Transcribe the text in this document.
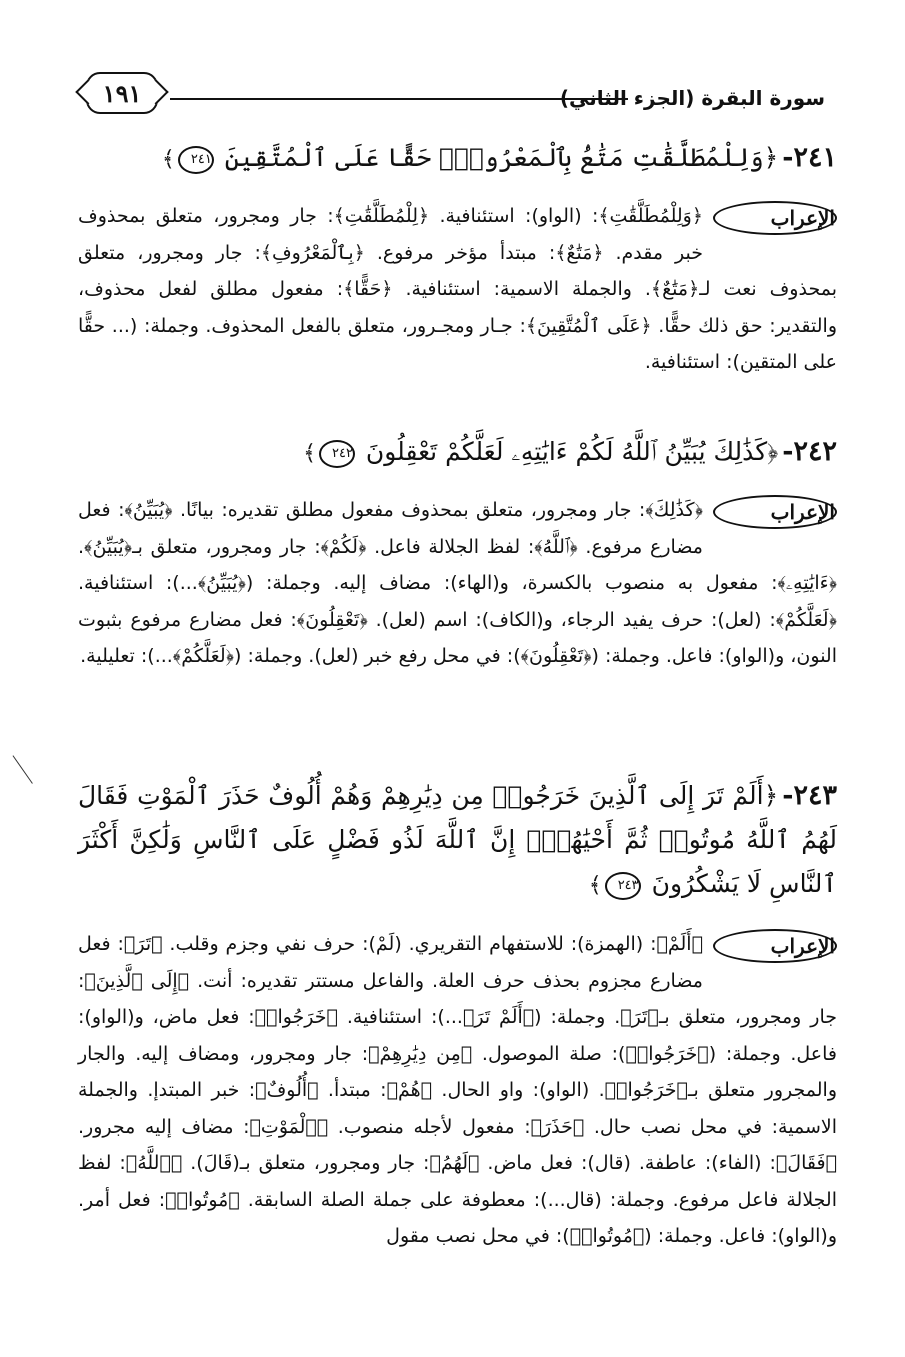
سورة البقرة (الجزء الثاني)
١٩١
٢٤١-﴿وَلِلْمُطَلَّقَٰتِ مَتَٰعُۢ بِٱلْمَعْرُوفِۖ حَقًّا عَلَى ٱلْمُتَّقِينَ ٢٤١﴾
الإعراب

﴿وَلِلْمُطَلَّقَٰتِ﴾: (الواو): استئنافية. ﴿لِلْمُطَلَّقَٰتِ﴾: جار ومجرور، متعلق بمحذوف خبر مقدم. ﴿مَتَٰعٌ﴾: مبتدأ مؤخر مرفوع. ﴿بِٱلْمَعْرُوفِ﴾: جار ومجرور، متعلق بمحذوف نعت لـ﴿مَتَٰعٌ﴾. والجملة الاسمية: استئنافية. ﴿حَقًّا﴾: مفعول مطلق لفعل محذوف، والتقدير: حق ذلك حقًّا. ﴿عَلَى ٱلْمُتَّقِينَ﴾: جـار ومجـرور، متعلق بالفعل المحذوف. وجملة: (... حقًّا على المتقين): استئنافية.

٢٤٢-﴿كَذَٰلِكَ يُبَيِّنُ ٱللَّهُ لَكُمْ ءَايَٰتِهِۦ لَعَلَّكُمْ تَعْقِلُونَ ٢٤٢﴾
الإعراب

﴿كَذَٰلِكَ﴾: جار ومجرور، متعلق بمحذوف مفعول مطلق تقديره: بيانًا. ﴿يُبَيِّنُ﴾: فعل مضارع مرفوع. ﴿ٱللَّهُ﴾: لفظ الجلالة فاعل. ﴿لَكُمْ﴾: جار ومجرور، متعلق بـ﴿يُبَيِّنُ﴾. ﴿ءَايَٰتِهِۦ﴾: مفعول به منصوب بالكسرة، و(الهاء): مضاف إليه. وجملة: (﴿يُبَيِّنُ﴾...): استئنافية. ﴿لَعَلَّكُمْ﴾: (لعل): حرف يفيد الرجاء، و(الكاف): اسم (لعل). ﴿تَعْقِلُونَ﴾: فعل مضارع مرفوع بثبوت النون، و(الواو): فاعل. وجملة: (﴿تَعْقِلُونَ﴾): في محل رفع خبر (لعل). وجملة: (﴿لَعَلَّكُمْ﴾...): تعليلية.

٢٤٣-﴿أَلَمْ تَرَ إِلَى ٱلَّذِينَ خَرَجُوا۟ مِن دِيَٰرِهِمْ وَهُمْ أُلُوفٌ حَذَرَ ٱلْمَوْتِ فَقَالَ لَهُمُ ٱللَّهُ مُوتُوا۟ ثُمَّ أَحْيَٰهُمْۚ إِنَّ ٱللَّهَ لَذُو فَضْلٍ عَلَى ٱلنَّاسِ وَلَٰكِنَّ أَكْثَرَ ٱلنَّاسِ لَا يَشْكُرُونَ ٢٤٣﴾
الإعراب

﴿أَلَمْ﴾: (الهمزة): للاستفهام التقريري. (لَمْ): حرف نفي وجزم وقلب. ﴿تَرَ﴾: فعل مضارع مجزوم بحذف حرف العلة. والفاعل مستتر تقديره: أنت. ﴿إِلَى ٱلَّذِينَ﴾: جار ومجرور، متعلق بـ﴿تَرَ﴾. وجملة: (﴿أَلَمْ تَرَ﴾...): استئنافية. ﴿خَرَجُوا۟﴾: فعل ماض، و(الواو): فاعل. وجملة: (﴿خَرَجُوا۟﴾): صلة الموصول. ﴿مِن دِيَٰرِهِمْ﴾: جار ومجرور، ومضاف إليه. والجار والمجرور متعلق بـ﴿خَرَجُوا۟﴾. (الواو): واو الحال. ﴿هُمْ﴾: مبتدأ. ﴿أُلُوفٌ﴾: خبر المبتدإ. والجملة الاسمية: في محل نصب حال. ﴿حَذَرَ﴾: مفعول لأجله منصوب. ﴿ٱلْمَوْتِ﴾: مضاف إليه مجرور. ﴿فَقَالَ﴾: (الفاء): عاطفة. (قال): فعل ماض. ﴿لَهُمُ﴾: جار ومجرور، متعلق بـ(قَالَ). ﴿ٱللَّهُ﴾: لفظ الجلالة فاعل مرفوع. وجملة: (قال...): معطوفة على جملة الصلة السابقة. ﴿مُوتُوا۟﴾: فعل أمر. و(الواو): فاعل. وجملة: (﴿مُوتُوا۟﴾): في محل نصب مقول
